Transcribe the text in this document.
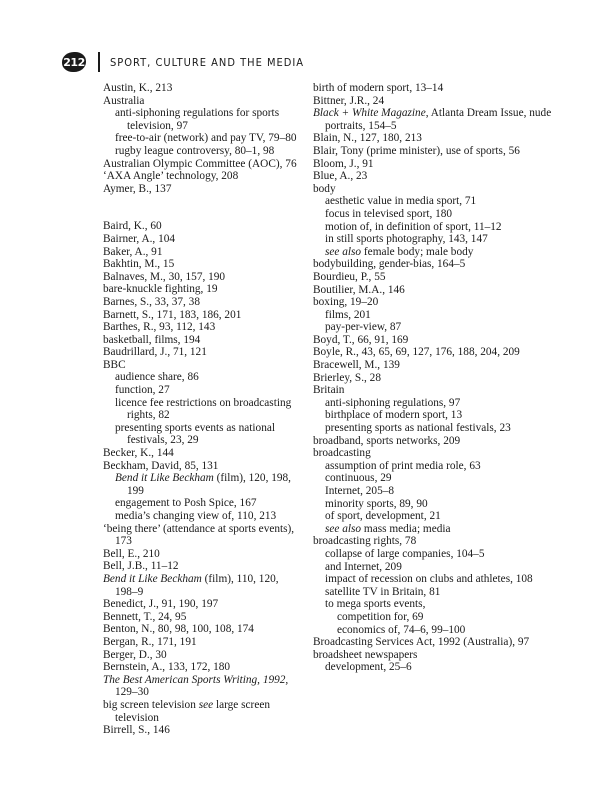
212 SPORT, CULTURE AND THE MEDIA
Austin, K., 213
Australia
anti-siphoning regulations for sports television, 97
free-to-air (network) and pay TV, 79–80
rugby league controversy, 80–1, 98
Australian Olympic Committee (AOC), 76
‘AXA Angle’ technology, 208
Aymer, B., 137
Baird, K., 60
Bairner, A., 104
Baker, A., 91
Bakhtin, M., 15
Balnaves, M., 30, 157, 190
bare-knuckle fighting, 19
Barnes, S., 33, 37, 38
Barnett, S., 171, 183, 186, 201
Barthes, R., 93, 112, 143
basketball, films, 194
Baudrillard, J., 71, 121
BBC
audience share, 86
function, 27
licence fee restrictions on broadcasting rights, 82
presenting sports events as national festivals, 23, 29
Becker, K., 144
Beckham, David, 85, 131
Bend it Like Beckham (film), 120, 198, 199
engagement to Posh Spice, 167
media’s changing view of, 110, 213
‘being there’ (attendance at sports events), 173
Bell, E., 210
Bell, J.B., 11–12
Bend it Like Beckham (film), 110, 120, 198–9
Benedict, J., 91, 190, 197
Bennett, T., 24, 95
Benton, N., 80, 98, 100, 108, 174
Bergan, R., 171, 191
Berger, D., 30
Bernstein, A., 133, 172, 180
The Best American Sports Writing, 1992, 129–30
big screen television see large screen television
Birrell, S., 146
birth of modern sport, 13–14
Bittner, J.R., 24
Black + White Magazine, Atlanta Dream Issue, nude portraits, 154–5
Blain, N., 127, 180, 213
Blair, Tony (prime minister), use of sports, 56
Bloom, J., 91
Blue, A., 23
body
aesthetic value in media sport, 71
focus in televised sport, 180
motion of, in definition of sport, 11–12
in still sports photography, 143, 147
see also female body; male body
bodybuilding, gender-bias, 164–5
Bourdieu, P., 55
Boutilier, M.A., 146
boxing, 19–20
films, 201
pay-per-view, 87
Boyd, T., 66, 91, 169
Boyle, R., 43, 65, 69, 127, 176, 188, 204, 209
Bracewell, M., 139
Brierley, S., 28
Britain
anti-siphoning regulations, 97
birthplace of modern sport, 13
presenting sports as national festivals, 23
broadband, sports networks, 209
broadcasting
assumption of print media role, 63
continuous, 29
Internet, 205–8
minority sports, 89, 90
of sport, development, 21
see also mass media; media
broadcasting rights, 78
collapse of large companies, 104–5
and Internet, 209
impact of recession on clubs and athletes, 108
satellite TV in Britain, 81
to mega sports events,
competition for, 69
economics of, 74–6, 99–100
Broadcasting Services Act, 1992 (Australia), 97
broadsheet newspapers
development, 25–6
